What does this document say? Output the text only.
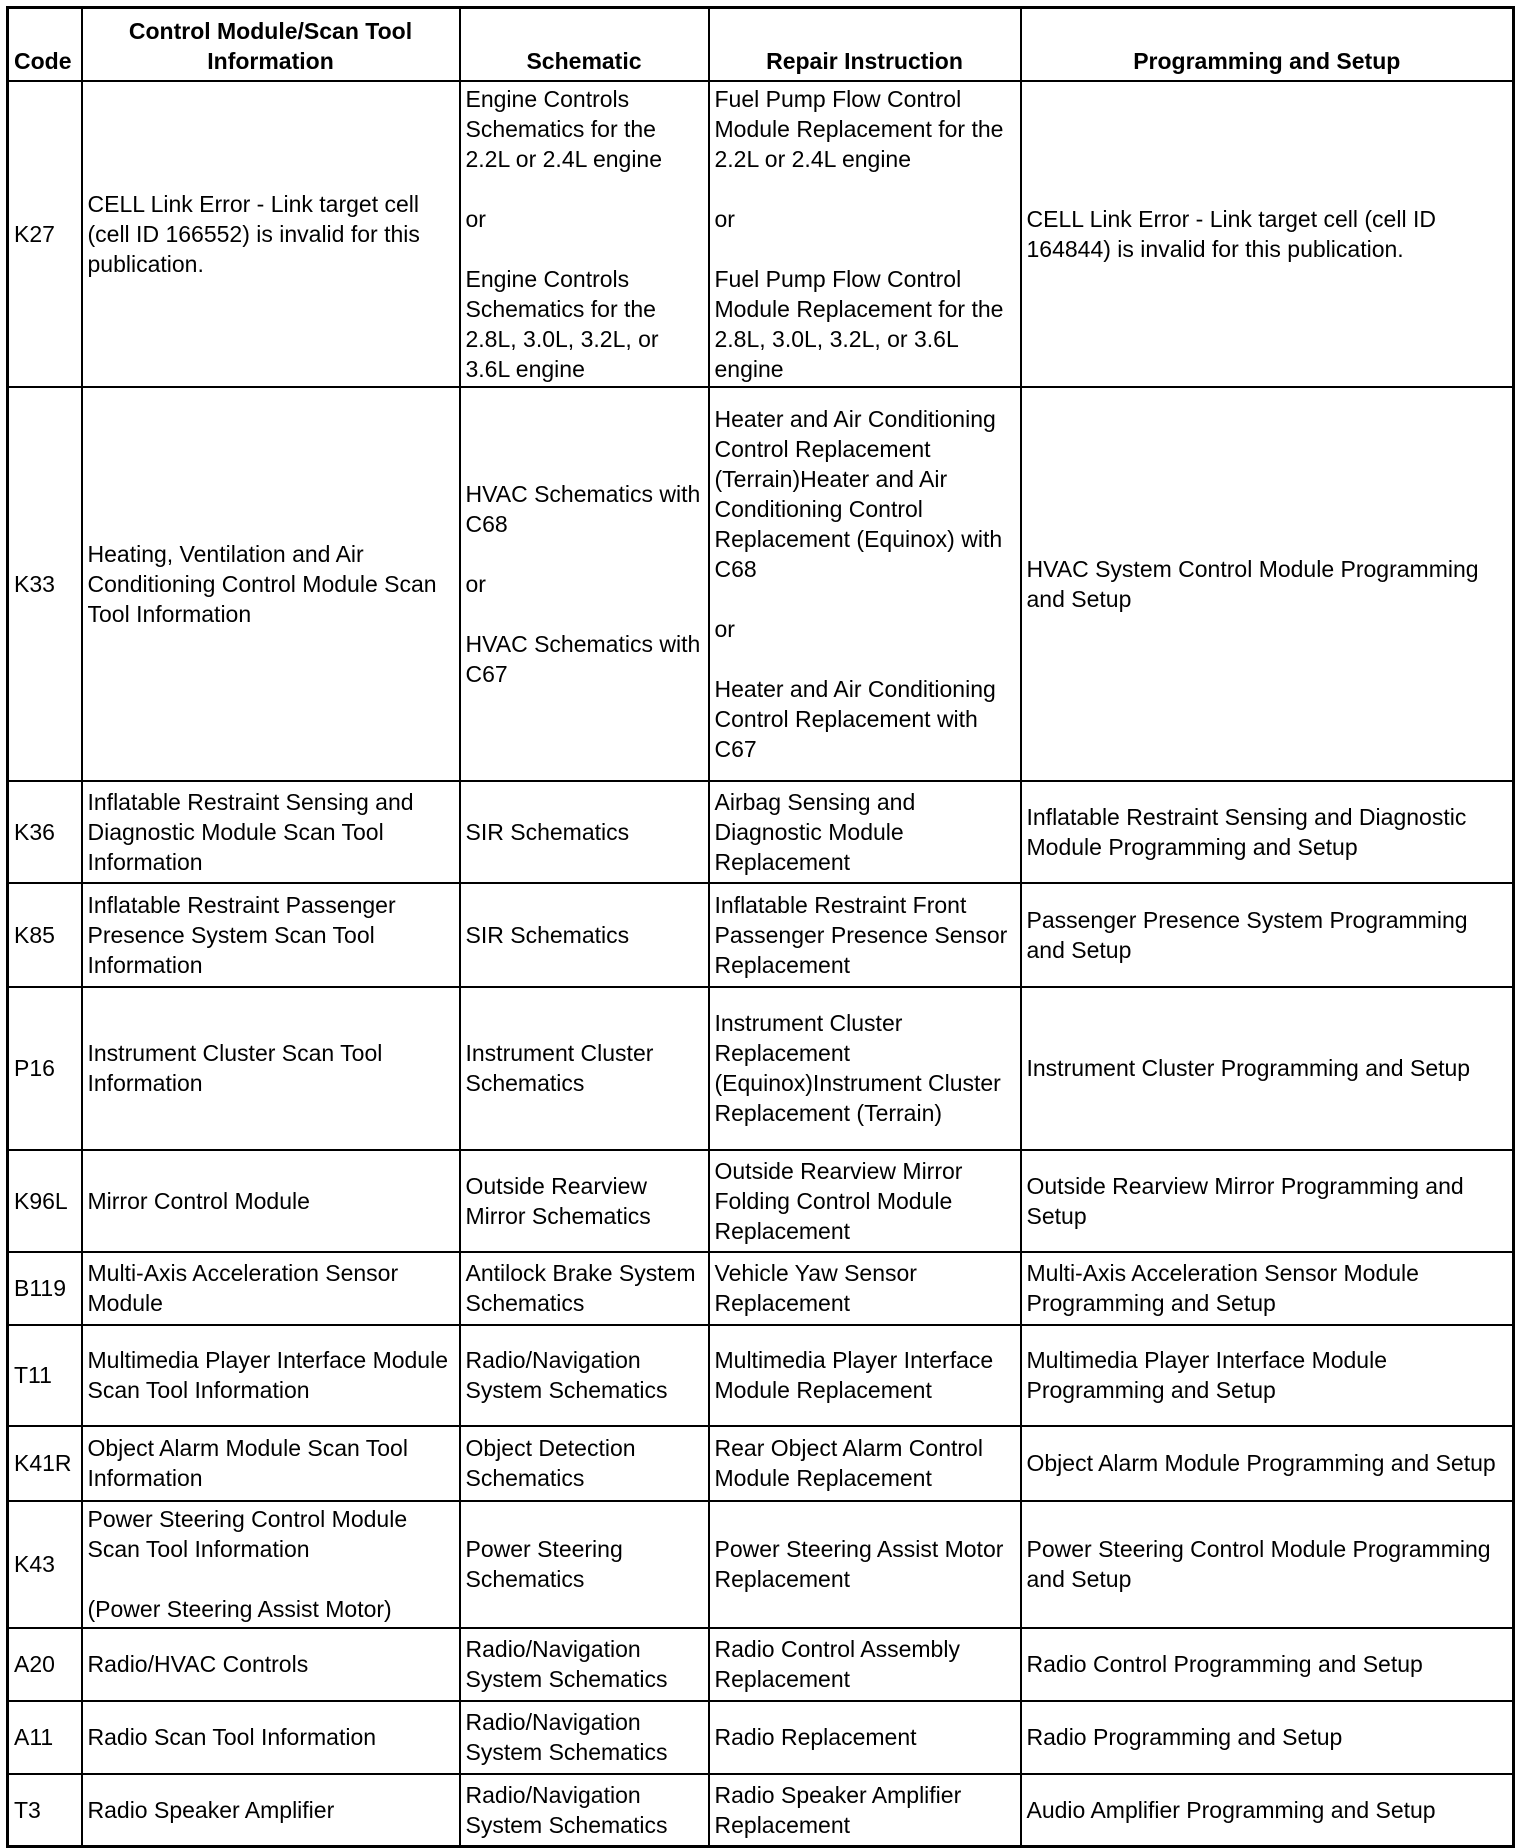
Code	Control Module/Scan Tool Information	Schematic	Repair Instruction	Programming and Setup
K27	CELL Link Error - Link target cell (cell ID 166552) is invalid for this publication.	Engine Controls Schematics for the 2.2L or 2.4L engine

or

Engine Controls Schematics for the 2.8L, 3.0L, 3.2L, or 3.6L engine	Fuel Pump Flow Control Module Replacement for the 2.2L or 2.4L engine

or

Fuel Pump Flow Control Module Replacement for the 2.8L, 3.0L, 3.2L, or 3.6L engine	CELL Link Error - Link target cell (cell ID 164844) is invalid for this publication.
K33	Heating, Ventilation and Air Conditioning Control Module Scan Tool Information	HVAC Schematics with C68

or

HVAC Schematics with C67	Heater and Air Conditioning Control Replacement (Terrain)Heater and Air Conditioning Control Replacement (Equinox) with C68

or

Heater and Air Conditioning Control Replacement with C67	HVAC System Control Module Programming and Setup
K36	Inflatable Restraint Sensing and Diagnostic Module Scan Tool Information	SIR Schematics	Airbag Sensing and Diagnostic Module Replacement	Inflatable Restraint Sensing and Diagnostic Module Programming and Setup
K85	Inflatable Restraint Passenger Presence System Scan Tool Information	SIR Schematics	Inflatable Restraint Front Passenger Presence Sensor Replacement	Passenger Presence System Programming and Setup
P16	Instrument Cluster Scan Tool Information	Instrument Cluster Schematics	Instrument Cluster Replacement (Equinox)Instrument Cluster Replacement (Terrain)	Instrument Cluster Programming and Setup
K96L	Mirror Control Module	Outside Rearview Mirror Schematics	Outside Rearview Mirror Folding Control Module Replacement	Outside Rearview Mirror Programming and Setup
B119	Multi-Axis Acceleration Sensor Module	Antilock Brake System Schematics	Vehicle Yaw Sensor Replacement	Multi-Axis Acceleration Sensor Module Programming and Setup
T11	Multimedia Player Interface Module Scan Tool Information	Radio/Navigation System Schematics	Multimedia Player Interface Module Replacement	Multimedia Player Interface Module Programming and Setup
K41R	Object Alarm Module Scan Tool Information	Object Detection Schematics	Rear Object Alarm Control Module Replacement	Object Alarm Module Programming and Setup
K43	Power Steering Control Module Scan Tool Information

(Power Steering Assist Motor)	Power Steering Schematics	Power Steering Assist Motor Replacement	Power Steering Control Module Programming and Setup
A20	Radio/HVAC Controls	Radio/Navigation System Schematics	Radio Control Assembly Replacement	Radio Control Programming and Setup
A11	Radio Scan Tool Information	Radio/Navigation System Schematics	Radio Replacement	Radio Programming and Setup
T3	Radio Speaker Amplifier	Radio/Navigation System Schematics	Radio Speaker Amplifier Replacement	Audio Amplifier Programming and Setup
